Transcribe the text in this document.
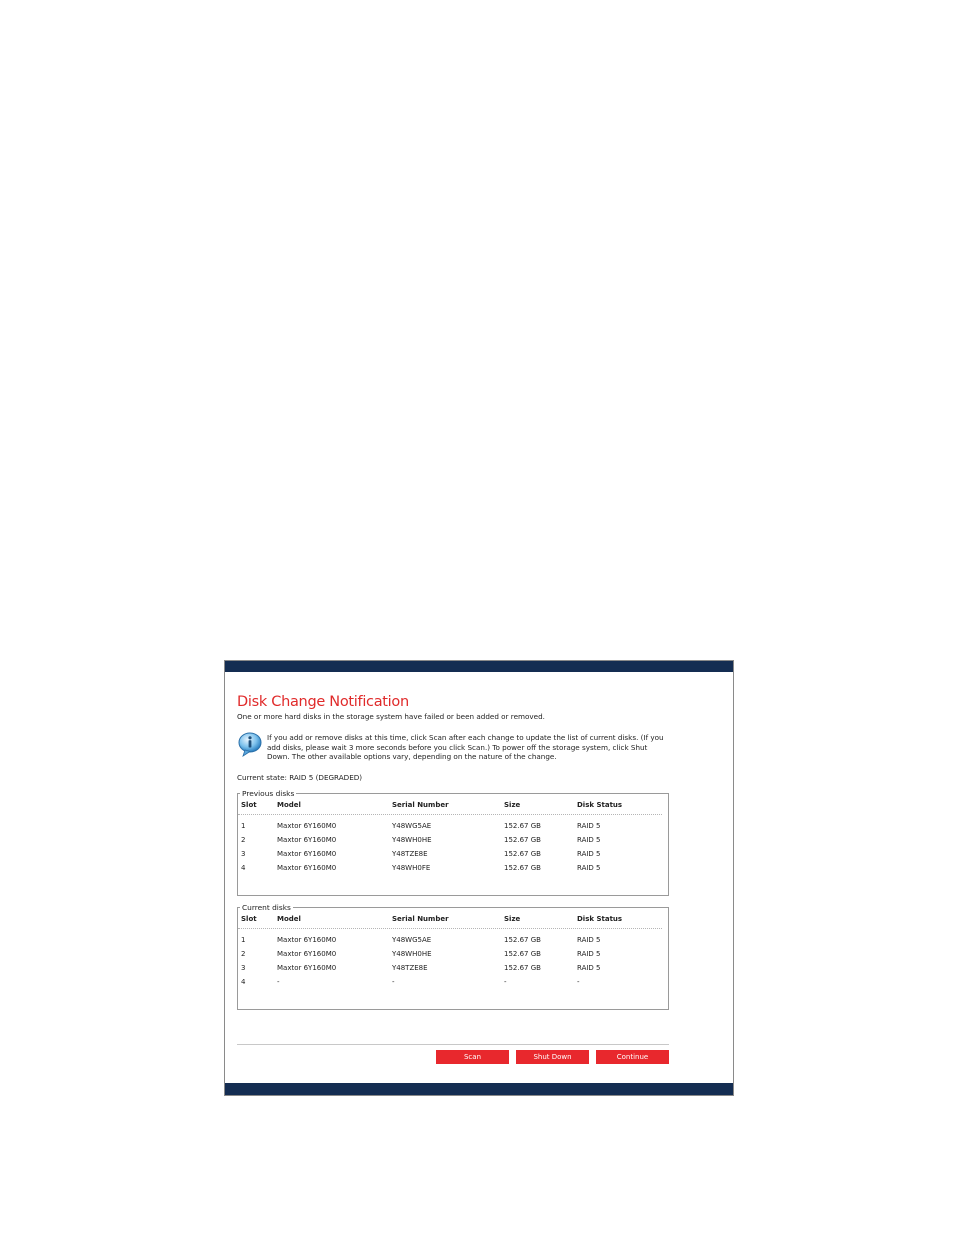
Disk Change Notification
One or more hard disks in the storage system have failed or been added or removed.
If you add or remove disks at this time, click Scan after each change to update the list of current disks. (If you add disks, please wait 3 more seconds before you click Scan.) To power off the storage system, click Shut Down. The other available options vary, depending on the nature of the change.
Current state: RAID 5 (DEGRADED)
Previous disks
Slot	Model	Serial Number	Size	Disk Status
1	Maxtor 6Y160M0	Y48WG5AE	152.67 GB	RAID 5
2	Maxtor 6Y160M0	Y48WH0HE	152.67 GB	RAID 5
3	Maxtor 6Y160M0	Y48TZE8E	152.67 GB	RAID 5
4	Maxtor 6Y160M0	Y48WH0FE	152.67 GB	RAID 5
Current disks
Slot	Model	Serial Number	Size	Disk Status
1	Maxtor 6Y160M0	Y48WG5AE	152.67 GB	RAID 5
2	Maxtor 6Y160M0	Y48WH0HE	152.67 GB	RAID 5
3	Maxtor 6Y160M0	Y48TZE8E	152.67 GB	RAID 5
4	-	-	-	-
Scan	Shut Down	Continue
